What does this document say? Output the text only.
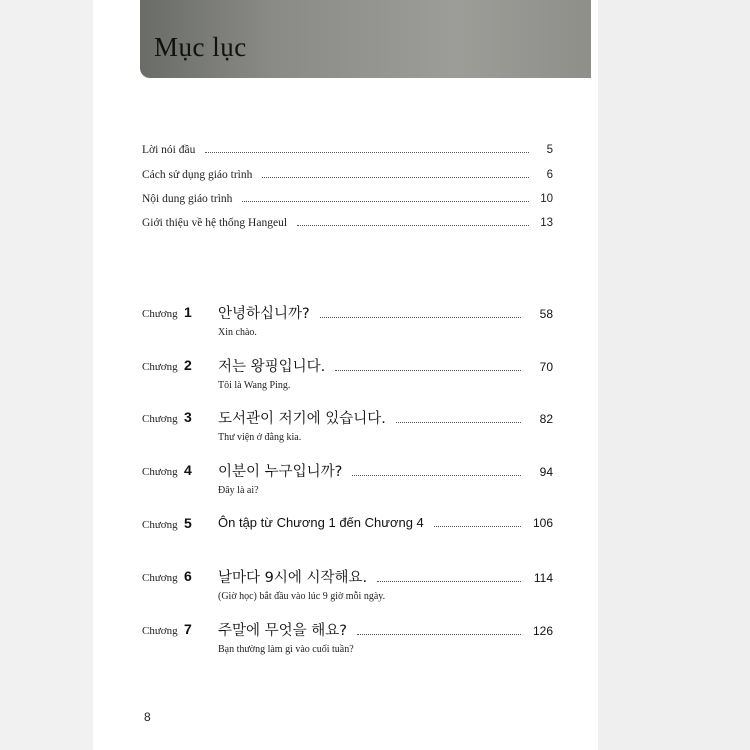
Mục lục
Lời nói đầu	5
Cách sử dụng giáo trình	6
Nội dung giáo trình	10
Giới thiệu về hệ thống Hangeul	13
Chương 1 안녕하십니까?	58
Xin chào.
Chương 2 저는 왕핑입니다.	70
Tôi là Wang Ping.
Chương 3 도서관이 저기에 있습니다.	82
Thư viện ở đằng kia.
Chương 4 이분이 누구입니까?	94
Đây là ai?
Chương 5 Ôn tập từ Chương 1 đến Chương 4	106
Chương 6 날마다 9시에 시작해요.	114
(Giờ học) bắt đầu vào lúc 9 giờ mỗi ngày.
Chương 7 주말에 무엇을 해요?	126
Bạn thường làm gì vào cuối tuần?
8
